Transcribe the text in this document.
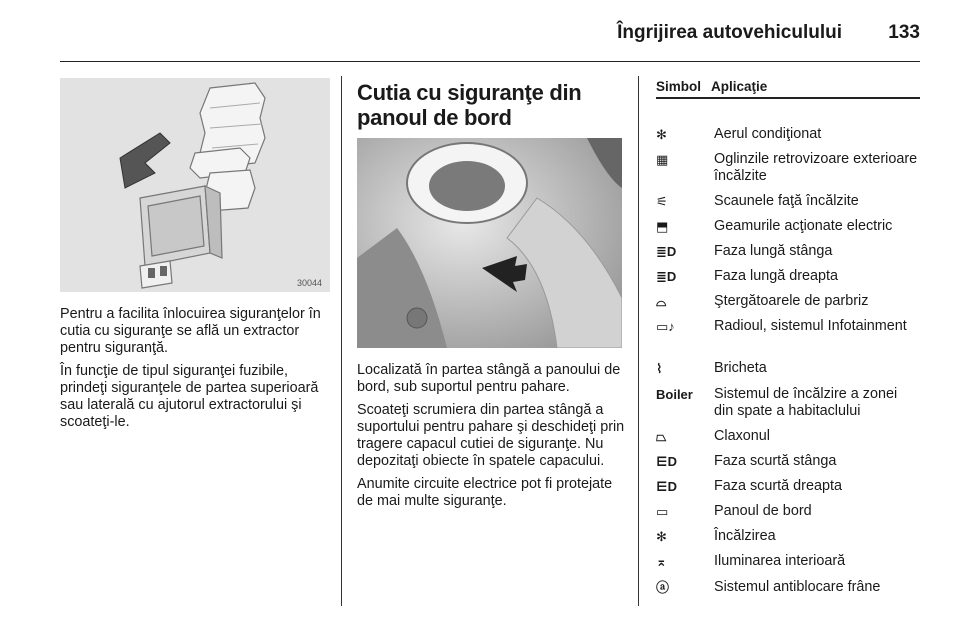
Îngrijirea autovehiculului 133
30044

Pentru a facilita înlocuirea siguranţelor în cutia cu siguranţe se află un extractor pentru siguranţă.

În funcţie de tipul siguranţei fuzibile, prindeţi siguranţele de partea superioară sau laterală cu ajutorul extractorului şi scoateţi-le.

Cutia cu siguranţe din panoul de bord

Localizată în partea stângă a panoului de bord, sub suportul pentru pahare.

Scoateţi scrumiera din partea stângă a suportului pentru pahare şi deschideţi prin tragere capacul cutiei de siguranţe. Nu depozitaţi obiecte în spatele capacului.

Anumite circuite electrice pot fi protejate de mai multe siguranţe.

Simbol Aplicaţie
✻	Aerul condiţionat
▦	Oglinzile retrovizoare exterioare încălzite
⚟	Scaunele faţă încălzite
⬒	Geamurile acţionate electric
≣D	Faza lungă stânga
≣D	Faza lungă dreapta
⌓	Ştergătoarele de parbriz
▭♪	Radioul, sistemul Infotainment
⌇	Bricheta
Boiler	Sistemul de încălzire a zonei din spate a habitaclului
⏢	Claxonul
⋿D	Faza scurtă stânga
⋿D	Faza scurtă dreapta
▭	Panoul de bord
✻	Încălzirea
⌅	Iluminarea interioară
ⓐ	Sistemul antiblocare frâne
